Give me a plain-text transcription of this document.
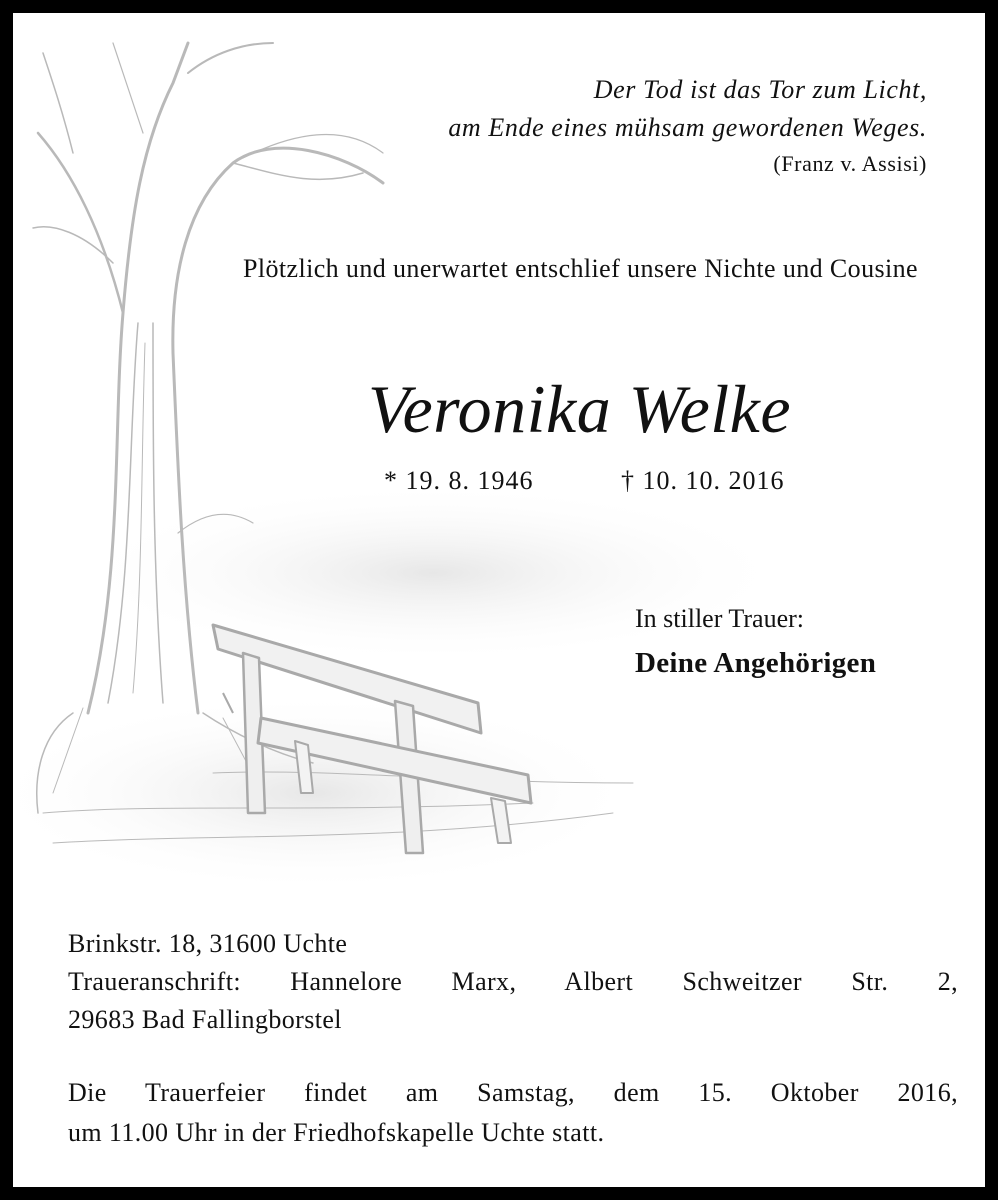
Der Tod ist das Tor zum Licht,
am Ende eines mühsam gewordenen Weges.
(Franz v. Assisi)
Plötzlich und unerwartet entschlief unsere Nichte und Cousine
Veronika Welke
* 19. 8. 1946	† 10. 10. 2016
In stiller Trauer:
Deine Angehörigen
Brinkstr. 18, 31600 Uchte
Traueranschrift: Hannelore Marx, Albert Schweitzer Str. 2,
29683 Bad Fallingborstel
Die Trauerfeier findet am Samstag, dem 15. Oktober 2016,
um 11.00 Uhr in der Friedhofskapelle Uchte statt.
